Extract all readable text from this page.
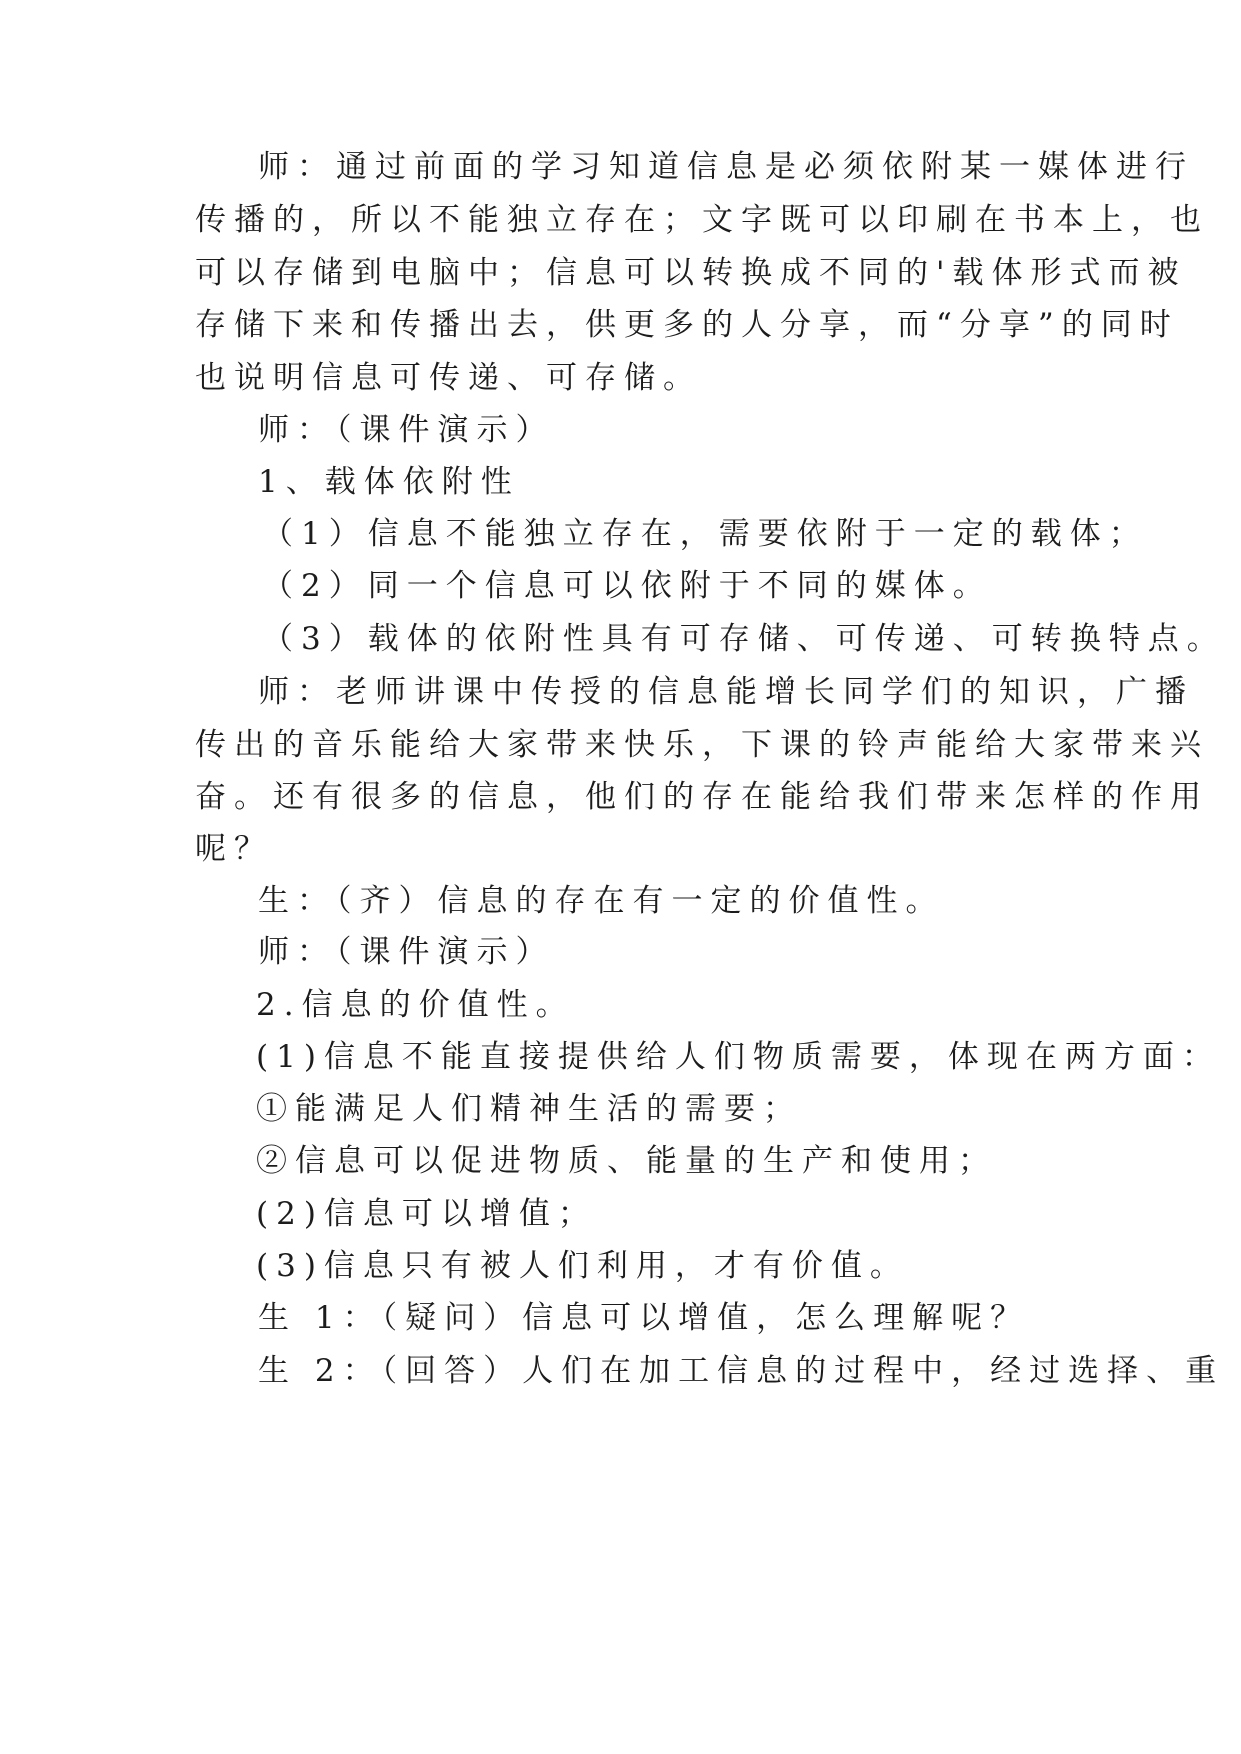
师：通过前面的学习知道信息是必须依附某一媒体进行
传播的，所以不能独立存在；文字既可以印刷在书本上，也
可以存储到电脑中；信息可以转换成不同的'载体形式而被
存储下来和传播出去，供更多的人分享，而“分享”的同时
也说明信息可传递、可存储。
师：（课件演示）
1、载体依附性
（1）信息不能独立存在，需要依附于一定的载体；
（2）同一个信息可以依附于不同的媒体。
（3）载体的依附性具有可存储、可传递、可转换特点。
师：老师讲课中传授的信息能增长同学们的知识，广播
传出的音乐能给大家带来快乐，下课的铃声能给大家带来兴
奋。还有很多的信息，他们的存在能给我们带来怎样的作用
呢？
生：（齐）信息的存在有一定的价值性。
师：（课件演示）
2.信息的价值性。
(1)信息不能直接提供给人们物质需要，体现在两方面：
①能满足人们精神生活的需要；
②信息可以促进物质、能量的生产和使用；
(2)信息可以增值；
(3)信息只有被人们利用，才有价值。
生 1：（疑问）信息可以增值，怎么理解呢？
生 2：（回答）人们在加工信息的过程中，经过选择、重
